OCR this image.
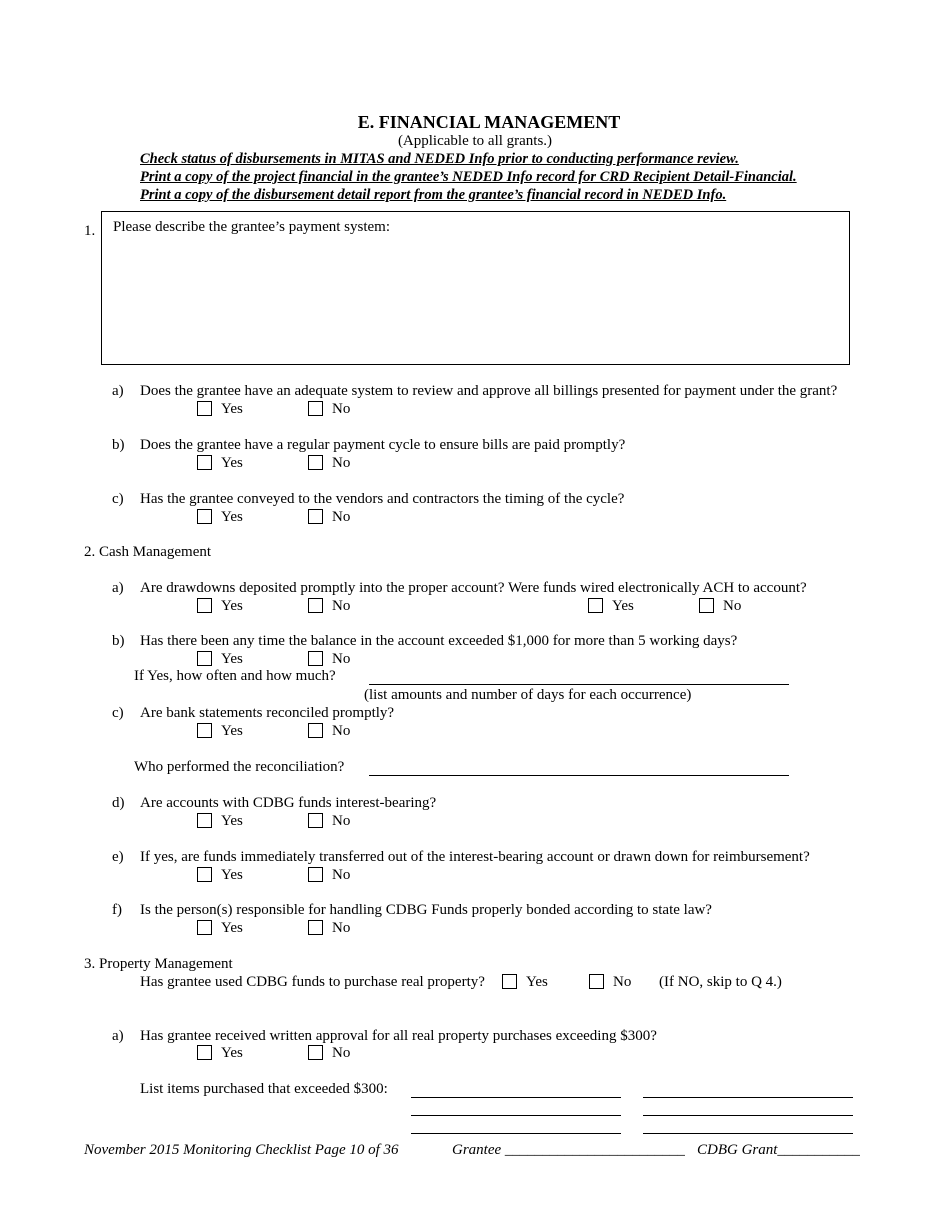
E. FINANCIAL MANAGEMENT
(Applicable to all grants.)
Check status of disbursements in MITAS and NEDED Info prior to conducting performance review.
Print a copy of the project financial in the grantee’s NEDED Info record for CRD Recipient Detail-Financial.
Print a copy of the disbursement detail report from the grantee’s financial record in NEDED Info.
1. Please describe the grantee’s payment system:
a) Does the grantee have an adequate system to review and approve all billings presented for payment under the grant?
Yes	No
b) Does the grantee have a regular payment cycle to ensure bills are paid promptly?
Yes	No
c) Has the grantee conveyed to the vendors and contractors the timing of the cycle?
Yes	No
2. Cash Management
a) Are drawdowns deposited promptly into the proper account? Were funds wired electronically ACH to account?
Yes	No	Yes	No
b) Has there been any time the balance in the account exceeded $1,000 for more than 5 working days?
Yes	No
If Yes, how often and how much?
(list amounts and number of days for each occurrence)
c) Are bank statements reconciled promptly?
Yes	No
Who performed the reconciliation?
d) Are accounts with CDBG funds interest-bearing?
Yes	No
e) If yes, are funds immediately transferred out of the interest-bearing account or drawn down for reimbursement?
Yes	No
f) Is the person(s) responsible for handling CDBG Funds properly bonded according to state law?
Yes	No
3. Property Management
Has grantee used CDBG funds to purchase real property?	Yes	No (If NO, skip to Q 4.)
a) Has grantee received written approval for all real property purchases exceeding $300?
Yes	No
List items purchased that exceeded $300:
November 2015 Monitoring Checklist Page 10 of 36	Grantee ________________________ CDBG Grant___________
